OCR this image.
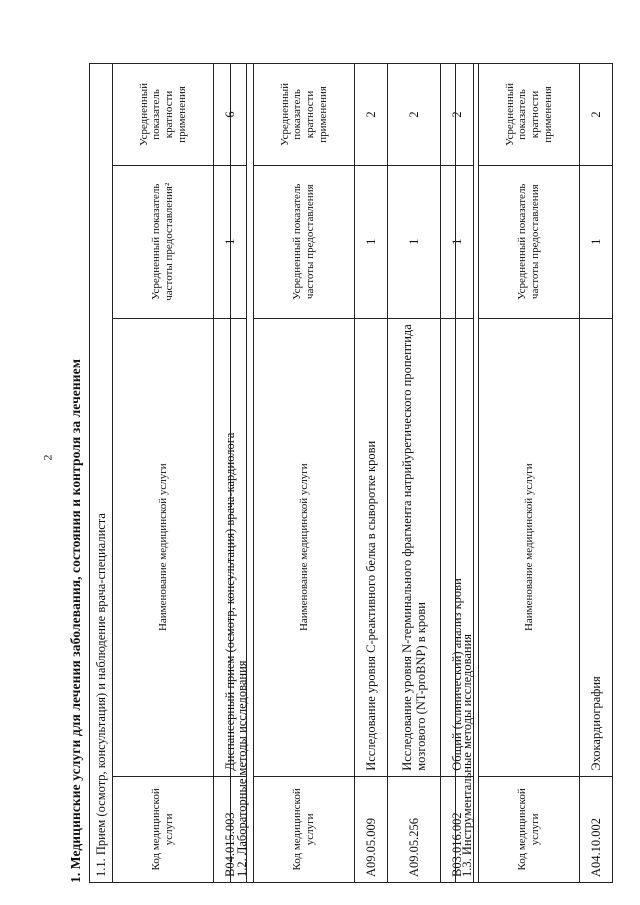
2 1. Медицинские услуги для лечения заболевания, состояния и контроля за лечением 1.1. Прием (осмотр, консультация) и наблюдение врача-специалиста			
Код медицинской услуги	Наименование медицинской услуги	Усредненный показатель частоты предоставления²	Усредненный показатель кратности применения
B04.015.003	Диспансерный прием (осмотр, консультация) врача-кардиолога	1	6
1.2. Лабораторные методы исследования			
Код медицинской услуги	Наименование медицинской услуги	Усредненный показатель частоты предоставления	Усредненный показатель кратности применения
A09.05.009	Исследование уровня C-реактивного белка в сыворотке крови	1	2
A09.05.256	Исследование уровня N-терминального фрагмента натрийуретического пропептида мозгового (NT-proBNP) в крови	1	2
B03.016.002	Общий (клинический) анализ крови	1	2
1.3. Инструментальные методы исследования			
Код медицинской услуги	Наименование медицинской услуги	Усредненный показатель частоты предоставления	Усредненный показатель кратности применения
A04.10.002	Эхокардиография	1	2
